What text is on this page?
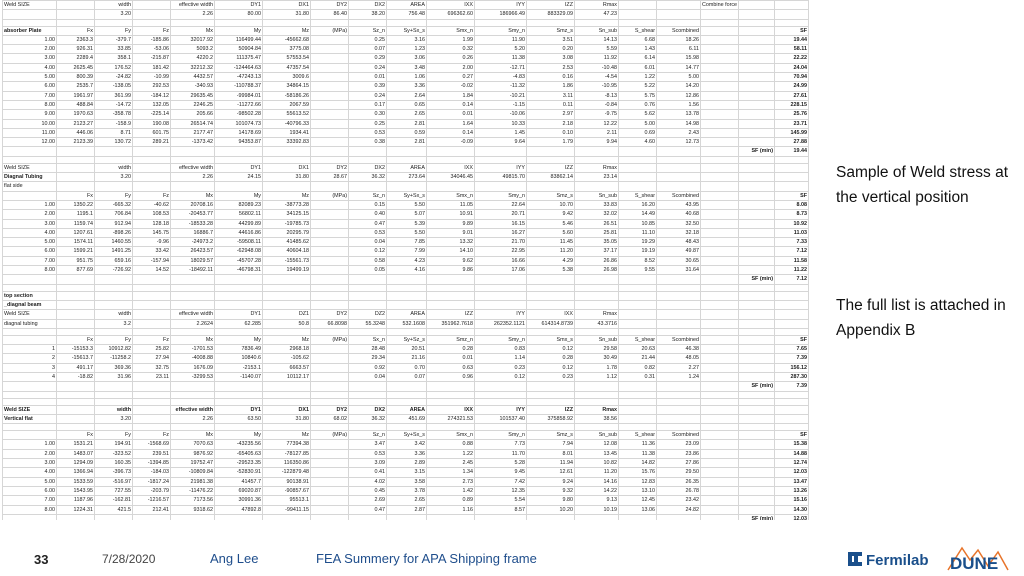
Weld SIZE		width		effective width	DY1	DX1	DY2	DX2	AREA	IXX	IYY	IZZ	Rmax			Combine force		
		3.20		2.26	80.00	31.80	86.40	38.20	756.48	696362.60	186966.49	883329.09	47.23					

absorber Plate	Fx	Fy	Fz	Mx	My	Mz	(MPa)	Sz_n	Sy+Sx_s	Smx_n	Smy_n	Smz_s	Sn_sub	S_shear	Scombined			SF
1.00	2363.3	-379.7	-185.86	32017.92	116499.44	-45662.68		0.25	3.16	1.99	11.90	3.51	14.13	6.68	18.26			19.44
2.00	926.31	33.85	-53.06	5093.2	50904.84	3775.08		0.07	1.23	0.32	5.20	0.20	5.59	1.43	6.11			58.11
3.00	2289.4	358.1	-215.87	4220.2	111375.47	57553.54		0.29	3.06	0.26	11.38	3.08	11.92	6.14	15.98			22.22
4.00	2625.45	176.52	181.42	32212.32	-124464.63	47357.54		0.24	3.48	2.00	-12.71	2.53	-10.48	6.01	14.77			24.04
5.00	800.39	-24.82	-10.99	4432.57	-47243.13	3009.6		0.01	1.06	0.27	-4.83	0.16	-4.54	1.22	5.00			70.94
6.00	2535.7	-138.05	292.53	-340.93	-110788.37	34864.15		0.39	3.36	-0.02	-11.32	1.86	-10.95	5.22	14.20			24.99
7.00	1961.97	361.99	-184.12	29635.45	-99984.01	-58186.26		0.24	2.64	1.84	-10.21	3.11	-8.13	5.75	12.86			27.61
8.00	488.84	-14.72	132.05	2246.25	-11272.66	2067.59		0.17	0.65	0.14	-1.15	0.11	-0.84	0.76	1.56			228.15
9.00	1970.63	-358.78	-225.14	205.66	-98502.28	55613.52		0.30	2.65	0.01	-10.06	2.97	-9.75	5.62	13.78			25.76
10.00	2123.27	-158.9	190.08	26514.74	101074.73	-40796.33		0.25	2.81	1.64	10.33	2.18	12.22	5.00	14.98			23.71
11.00	446.06	8.71	601.75	2177.47	14178.69	1934.41		0.53	0.59	0.14	1.45	0.10	2.11	0.69	2.43			145.99
12.00	2123.39	130.72	289.21	-1373.42	94353.87	33392.83		0.38	2.81	-0.09	9.64	1.79	9.94	4.60	12.73			27.88
																	SF (min)	19.44

Weld SIZE		width		effective width	DY1	DX1	DY2	DX2	AREA	IXX	IYY	IZZ	Rmax					
Diagnal Tubing		3.20		2.26	24.15	31.80	28.67	36.32	273.64	34046.45	49815.70	83862.14	23.14					
flat side																		
	Fx	Fy	Fz	Mx	My	Mz	(MPa)	Sz_n	Sy+Sx_s	Smx_n	Smy_n	Smz_s	Sn_sub	S_shear	Scombined			SF
1.00	1350.22	-665.32	-40.62	20708.16	82089.23	-38773.28		0.15	5.50	11.05	22.64	10.70	33.83	16.20	43.95			8.08
2.00	1195.1	706.84	108.53	-20453.77	56802.11	34125.15		0.40	5.07	10.91	20.71	9.42	32.02	14.49	40.68			8.73
3.00	1159.74	912.94	128.18	-18533.28	44299.89	-19785.73		0.47	5.39	9.89	16.15	5.46	26.51	10.85	32.50			10.92
4.00	1207.61	-898.26	145.75	16886.7	44616.86	20295.79		0.53	5.50	9.01	16.27	5.60	25.81	11.10	32.18			11.03
5.00	1574.11	1460.55	-9.96	-24973.2	-59508.11	41485.62		0.04	7.85	13.32	21.70	11.45	35.05	19.29	48.43			7.33
6.00	1599.21	1491.25	33.42	26423.57	-62948.08	40604.18		0.12	7.99	14.10	22.95	11.20	37.17	19.19	49.87			7.12
7.00	951.75	659.16	-157.94	18029.57	-45707.28	-15561.73		0.58	4.23	9.62	16.66	4.29	26.86	8.52	30.65			11.58
8.00	877.69	-726.92	14.52	-18492.11	-46798.31	19499.19		0.05	4.16	9.86	17.06	5.38	26.98	9.55	31.64			11.22
																	SF (min)	7.12

top section																		
_diagnal beam																		
Weld SIZE		width		effective width	DY1	DZ1	DY2	DZ2	AREA	IZZ	IYY	IXX	Rmax					
diagnal tubing		3.2		2.2624	62.285	50.8	66.8098	55.3248	532.1608	351962.7618	262352.1121	614314.8739	43.3716					

	Fx	Fy	Fz	Mx	My	Mz	(MPa)	Sx_n	Sy+Sz_s	Smz_n	Smy_n	Smx_s	Sn_sub	S_shear	Scombined			SF
1	-15153.3	10912.82	25.82	-1701.53	7836.49	2968.18		28.48	20.51	0.28	0.83	0.12	29.58	20.63	46.38			7.65
2	-15613.7	-11258.2	27.94	-4008.88	10840.6	-105.62		29.34	21.16	0.01	1.14	0.28	30.49	21.44	48.05			7.39
3	491.17	369.36	32.75	1676.09	-2153.1	6663.57		0.92	0.70	0.63	0.23	0.12	1.78	0.82	2.27			156.12
4	-18.82	31.96	23.11	-3299.53	-1140.07	10112.17		0.04	0.07	0.96	0.12	0.23	1.12	0.31	1.24			287.30
																	SF (min)	7.39

Weld SIZE		width		effective width	DY1	DX1	DY2	DX2	AREA	IXX	IYY	IZZ	Rmax					
Vertical flat		3.20		2.26	63.50	31.80	68.02	36.32	451.69	274321.53	101537.40	375858.92	38.56					

	Fx	Fy	Fz	Mx	My	Mz	(MPa)	Sz_n	Sy+Sx_s	Smx_n	Smy_n	Smz_s	Sn_sub	S_shear	Scombined			SF
1.00	1531.21	194.91	-1568.69	7070.63	-43235.56	77394.38		3.47	3.42	0.88	7.73	7.94	12.08	11.36	23.09			15.38
2.00	1483.07	-323.52	239.51	9876.92	-65405.63	-78127.85		0.53	3.36	1.22	11.70	8.01	13.45	11.38	23.86			14.88
3.00	1294.09	160.35	-1394.85	19752.47	-29523.35	116350.86		3.09	2.89	2.45	5.28	11.94	10.82	14.82	27.86			12.74
4.00	1366.94	-396.73	-184.03	-10809.84	-52830.91	-122879.48		0.41	3.15	1.34	9.45	12.61	11.20	15.76	29.50			12.03
5.00	1533.59	-516.97	-1817.24	21981.38	41457.7	90138.91		4.02	3.58	2.73	7.42	9.24	14.16	12.83	26.35			13.47
6.00	1543.95	727.55	-203.79	-11476.22	69020.87	-90857.67		0.45	3.78	1.42	12.35	9.32	14.22	13.10	26.78			13.26
7.00	1187.96	-162.81	-1216.57	7173.56	30991.36	95513.1		2.69	2.65	0.89	5.54	9.80	9.13	12.45	23.42			15.16
8.00	1224.31	421.5	212.41	9318.62	47892.8	-99411.15		0.47	2.87	1.16	8.57	10.20	10.19	13.06	24.82			14.30
																	SF (min)	12.03
Sample of Weld stress at the vertical position
The full list is attached in Appendix B
33	7/28/2020	Ang Lee	FEA Summery for APA Shipping frame	Fermilab DUNE
